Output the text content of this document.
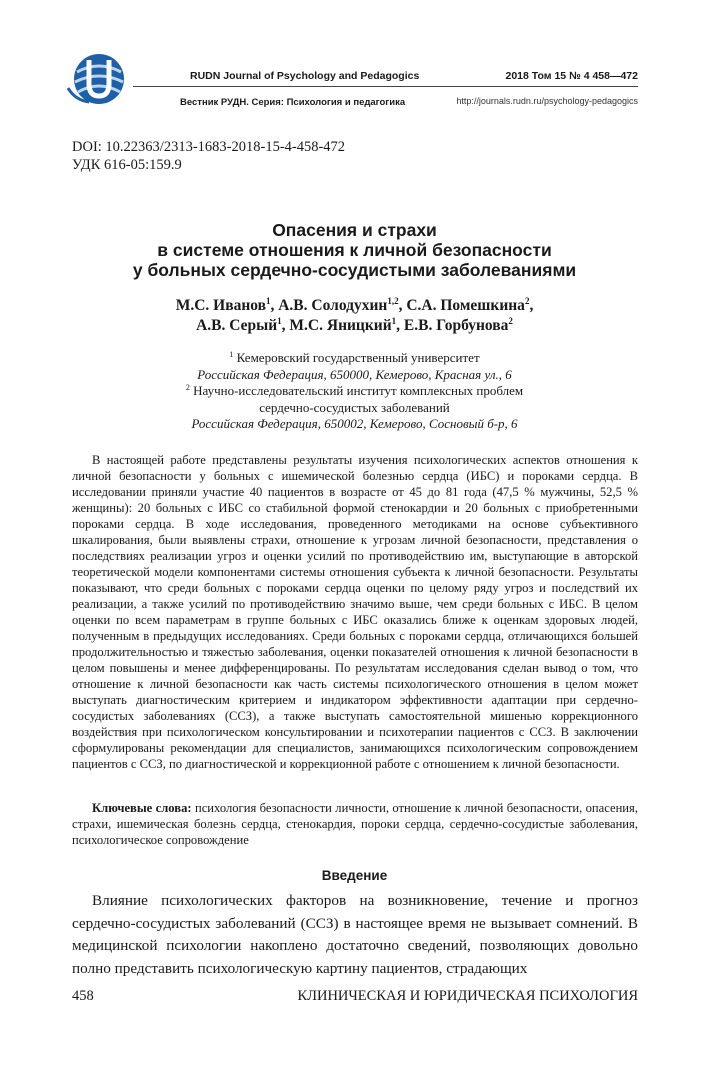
RUDN Journal of Psychology and Pedagogics
Вестник РУДН. Серия: Психология и педагогика
2018 Том 15 № 4 458—472
http://journals.rudn.ru/psychology-pedagogics
DOI: 10.22363/2313-1683-2018-15-4-458-472
УДК 616-05:159.9
Опасения и страхи
в системе отношения к личной безопасности
у больных сердечно-сосудистыми заболеваниями
М.С. Иванов$^1$, А.В. Солодухин$^{1,2}$, С.А. Помешкина$^2$,
А.В. Серый$^1$, М.С. Яницкий$^1$, Е.В. Горбунова$^2$
$^1$ Кемеровский государственный университет
Российская Федерация, 650000, Кемерово, Красная ул., 6
$^2$ Научно-исследовательский институт комплексных проблем
сердечно-сосудистых заболеваний
Российская Федерация, 650002, Кемерово, Сосновый б-р, 6

В настоящей работе представлены результаты изучения психологических аспектов отношения к личной безопасности у больных с ишемической болезнью сердца (ИБС) и пороками сердца. В исследовании приняли участие 40 пациентов в возрасте от 45 до 81 года (47,5 % мужчины, 52,5 % женщины): 20 больных с ИБС со стабильной формой стенокардии и 20 больных с приобретенными пороками сердца. В ходе исследования, проведенного методиками на основе субъективного шкалирования, были выявлены страхи, отношение к угрозам личной безопасности, представления о последствиях реализации угроз и оценки усилий по противодействию им, выступающие в авторской теоретической модели компонентами системы отношения субъекта к личной безопасности. Результаты показывают, что среди больных с пороками сердца оценки по целому ряду угроз и последствий их реализации, а также усилий по противодействию значимо выше, чем среди больных с ИБС. В целом оценки по всем параметрам в группе больных с ИБС оказались ближе к оценкам здоровых людей, полученным в предыдущих исследованиях. Среди больных с пороками сердца, отличающихся большей продолжительностью и тяжестью заболевания, оценки показателей отношения к личной безопасности в целом повышены и менее дифференцированы. По результатам исследования сделан вывод о том, что отношение к личной безопасности как часть системы психологического отношения в целом может выступать диагностическим критерием и индикатором эффективности адаптации при сердечно-сосудистых заболеваниях (ССЗ), а также выступать самостоятельной мишенью коррекционного воздействия при психологическом консультировании и психотерапии пациентов с ССЗ. В заключении сформулированы рекомендации для специалистов, занимающихся психологическим сопровождением пациентов с ССЗ, по диагностической и коррекционной работе с отношением к личной безопасности.

Ключевые слова: психология безопасности личности, отношение к личной безопасности, опасения, страхи, ишемическая болезнь сердца, стенокардия, пороки сердца, сердечно-сосудистые заболевания, психологическое сопровождение

Введение

Влияние психологических факторов на возникновение, течение и прогноз сердечно-сосудистых заболеваний (ССЗ) в настоящее время не вызывает сомнений. В медицинской психологии накоплено достаточно сведений, позволяющих довольно полно представить психологическую картину пациентов, страдающих

458	КЛИНИЧЕСКАЯ И ЮРИДИЧЕСКАЯ ПСИХОЛОГИЯ
